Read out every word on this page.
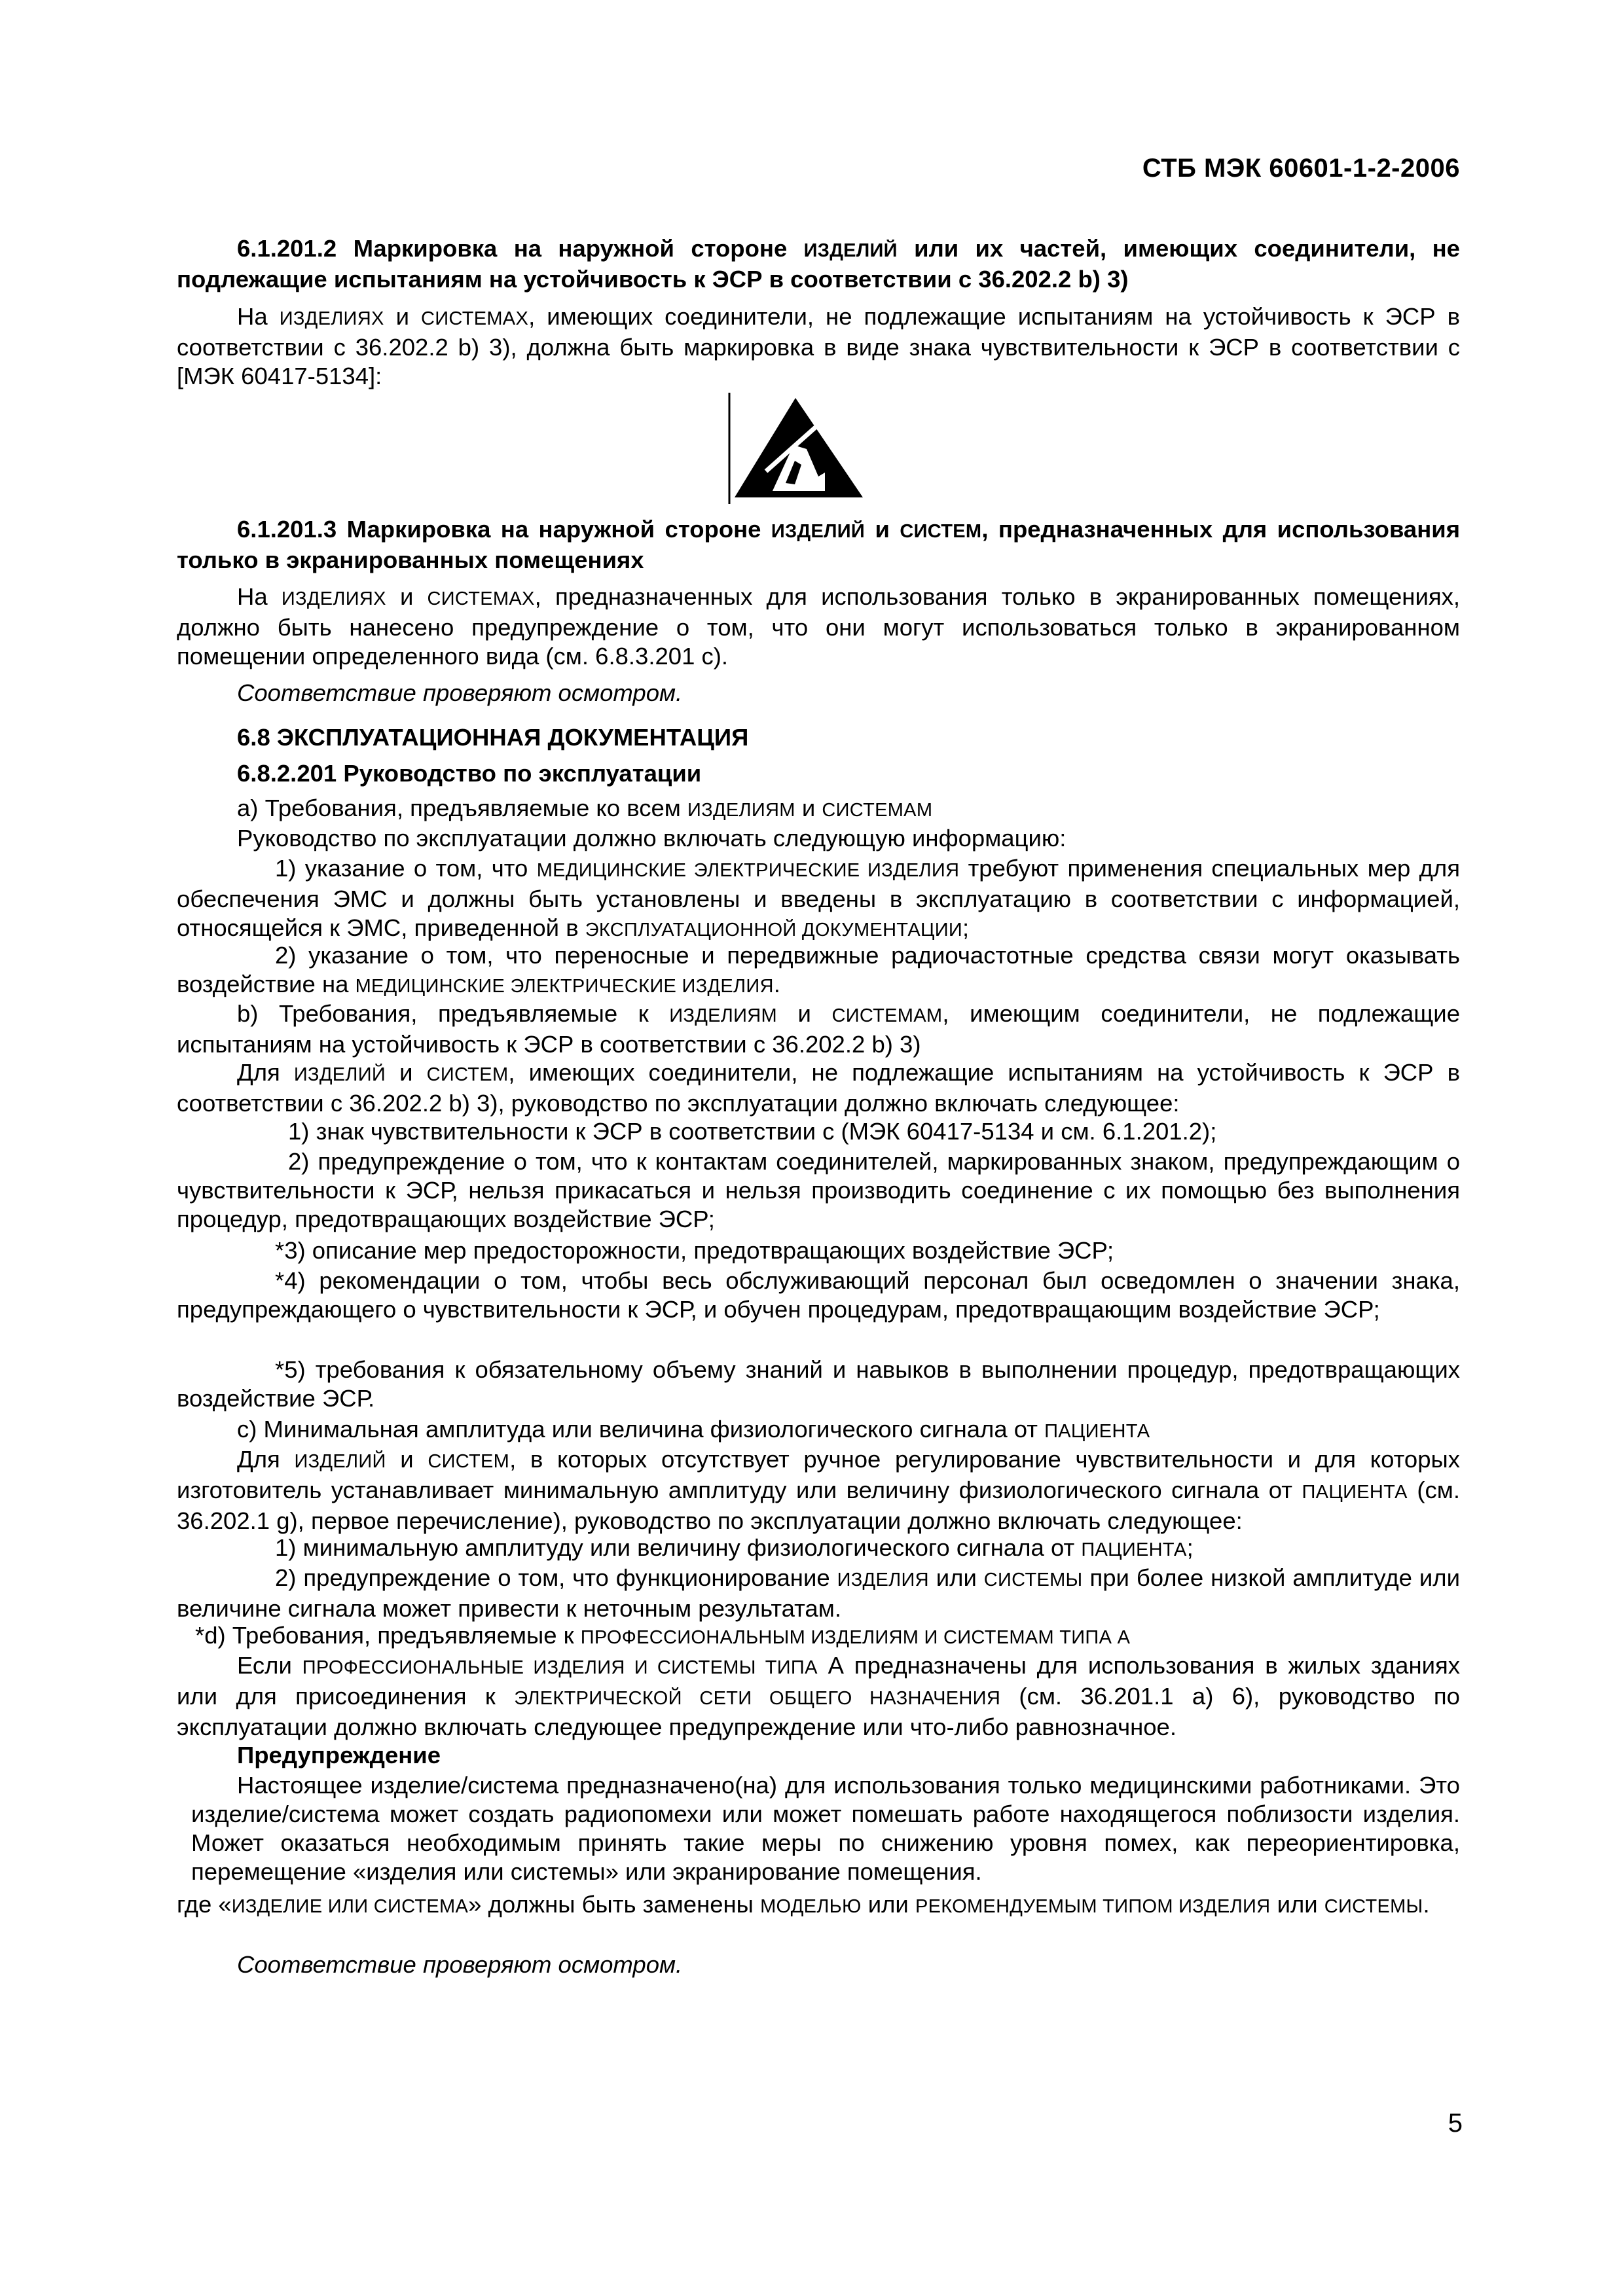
СТБ МЭК 60601-1-2-2006
6.1.201.2 Маркировка на наружной стороне ИЗДЕЛИЙ или их частей, имеющих соединители, не подлежащие испытаниям на устойчивость к ЭСР в соответствии с 36.202.2 b) 3)
На ИЗДЕЛИЯХ и СИСТЕМАХ, имеющих соединители, не подлежащие испытаниям на устойчивость к ЭСР в соответствии с 36.202.2 b) 3), должна быть маркировка в виде знака чувствительности к ЭСР в соответствии с [МЭК 60417-5134]:
6.1.201.3 Маркировка на наружной стороне ИЗДЕЛИЙ и СИСТЕМ, предназначенных для использования только в экранированных помещениях
На ИЗДЕЛИЯХ и СИСТЕМАХ, предназначенных для использования только в экранированных помещениях, должно быть нанесено предупреждение о том, что они могут использоваться только в экранированном помещении определенного вида (см. 6.8.3.201 с).
Соответствие проверяют осмотром.
6.8 ЭКСПЛУАТАЦИОННАЯ ДОКУМЕНТАЦИЯ
6.8.2.201 Руководство по эксплуатации
a) Требования, предъявляемые ко всем ИЗДЕЛИЯМ и СИСТЕМАМ
Руководство по эксплуатации должно включать следующую информацию:
1) указание о том, что МЕДИЦИНСКИЕ ЭЛЕКТРИЧЕСКИЕ ИЗДЕЛИЯ требуют применения специальных мер для обеспечения ЭМС и должны быть установлены и введены в эксплуатацию в соответствии с информацией, относящейся к ЭМС, приведенной в ЭКСПЛУАТАЦИОННОЙ ДОКУМЕНТАЦИИ;
2) указание о том, что переносные и передвижные радиочастотные средства связи могут оказывать воздействие на МЕДИЦИНСКИЕ ЭЛЕКТРИЧЕСКИЕ ИЗДЕЛИЯ.
b) Требования, предъявляемые к ИЗДЕЛИЯМ и СИСТЕМАМ, имеющим соединители, не подлежащие испытаниям на устойчивость к ЭСР в соответствии с 36.202.2 b) 3)
Для ИЗДЕЛИЙ и СИСТЕМ, имеющих соединители, не подлежащие испытаниям на устойчивость к ЭСР в соответствии с 36.202.2 b) 3), руководство по эксплуатации должно включать следующее:
1) знак чувствительности к ЭСР в соответствии с (МЭК 60417-5134 и см. 6.1.201.2);
2) предупреждение о том, что к контактам соединителей, маркированных знаком, предупреждающим о чувствительности к ЭСР, нельзя прикасаться и нельзя производить соединение с их помощью без выполнения процедур, предотвращающих воздействие ЭСР;
*3) описание мер предосторожности, предотвращающих воздействие ЭСР;
*4) рекомендации о том, чтобы весь обслуживающий персонал был осведомлен о значении знака, предупреждающего о чувствительности к ЭСР, и обучен процедурам, предотвращающим воздействие ЭСР;
*5) требования к обязательному объему знаний и навыков в выполнении процедур, предотвращающих воздействие ЭСР.
c) Минимальная амплитуда или величина физиологического сигнала от ПАЦИЕНТА
Для ИЗДЕЛИЙ и СИСТЕМ, в которых отсутствует ручное регулирование чувствительности и для которых изготовитель устанавливает минимальную амплитуду или величину физиологического сигнала от ПАЦИЕНТА (см. 36.202.1 g), первое перечисление), руководство по эксплуатации должно включать следующее:
1) минимальную амплитуду или величину физиологического сигнала от ПАЦИЕНТА;
2) предупреждение о том, что функционирование ИЗДЕЛИЯ или СИСТЕМЫ при более низкой амплитуде или величине сигнала может привести к неточным результатам.
*d) Требования, предъявляемые к ПРОФЕССИОНАЛЬНЫМ ИЗДЕЛИЯМ И СИСТЕМАМ ТИПА А
Если ПРОФЕССИОНАЛЬНЫЕ ИЗДЕЛИЯ И СИСТЕМЫ ТИПА А предназначены для использования в жилых зданиях или для присоединения к ЭЛЕКТРИЧЕСКОЙ СЕТИ ОБЩЕГО НАЗНАЧЕНИЯ (см. 36.201.1 a) 6), руководство по эксплуатации должно включать следующее предупреждение или что-либо равнозначное.
Предупреждение
Настоящее изделие/система предназначено(на) для использования только медицинскими работниками. Это изделие/система может создать радиопомехи или может помешать работе находящегося поблизости изделия. Может оказаться необходимым принять такие меры по снижению уровня помех, как переориентировка, перемещение «изделия или системы» или экранирование помещения.
где «ИЗДЕЛИЕ ИЛИ СИСТЕМА» должны быть заменены МОДЕЛЬЮ или РЕКОМЕНДУЕМЫМ ТИПОМ ИЗДЕЛИЯ или СИСТЕМЫ.
Соответствие проверяют осмотром.
5
